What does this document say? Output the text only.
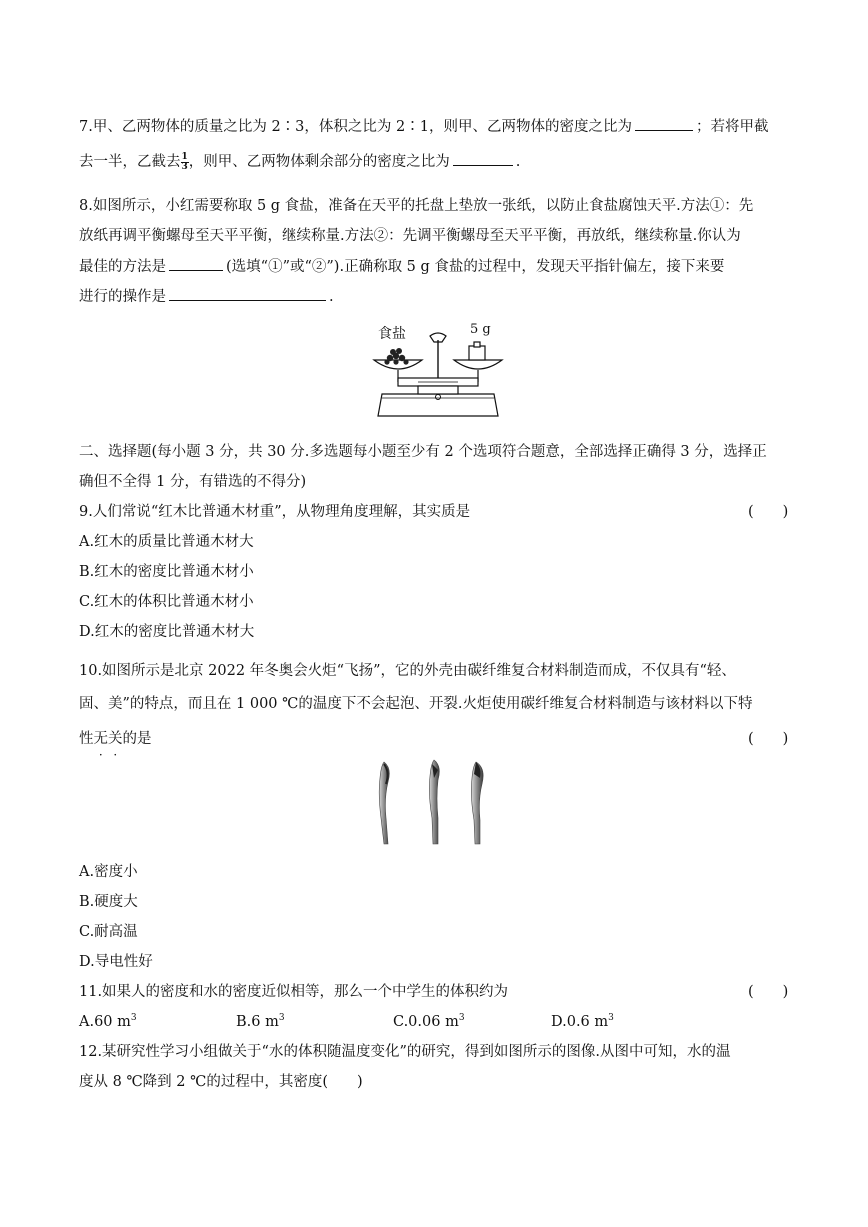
7.甲、乙两物体的质量之比为 2∶3，体积之比为 2∶1，则甲、乙两物体的密度之比为	；若将甲截
去一半，乙截去 $\frac{1}{3}$ ，则甲、乙两物体剩余部分的密度之比为	.
8.如图所示，小红需要称取 5 g 食盐，准备在天平的托盘上垫放一张纸，以防止食盐腐蚀天平.方法①：先
放纸再调平衡螺母至天平平衡，继续称量.方法②：先调平衡螺母至天平平衡，再放纸，继续称量.你认为
最佳的方法是	(选填“①”或“②”).正确称取 5 g 食盐的过程中，发现天平指针偏左，接下来要
进行的操作是	.
食盐	5 g
二、选择题(每小题 3 分，共 30 分.多选题每小题至少有 2 个选项符合题意，全部选择正确得 3 分，选择正
确但不全得 1 分，有错选的不得分)
9.人们常说“红木比普通木材重”，从物理角度理解，其实质是	(　　)
A.红木的质量比普通木材大
B.红木的密度比普通木材小
C.红木的体积比普通木材小
D.红木的密度比普通木材大
10.如图所示是北京 2022 年冬奥会火炬“飞扬”，它的外壳由碳纤维复合材料制造而成，不仅具有“轻、
固、美”的特点，而且在 1 000 ℃的温度下不会起泡、开裂.火炬使用碳纤维复合材料制造与该材料以下特
性无关的是	(　　)
A.密度小
B.硬度大
C.耐高温
D.导电性好
11.如果人的密度和水的密度近似相等，那么一个中学生的体积约为	(　　)
A.60 $m^3$	B.6 $m^3$	C.0.06 $m^3$	D.0.6 $m^3$
12.某研究性学习小组做关于“水的体积随温度变化”的研究，得到如图所示的图像.从图中可知，水的温
度从 8 ℃降到 2 ℃的过程中，其密度(　　)
